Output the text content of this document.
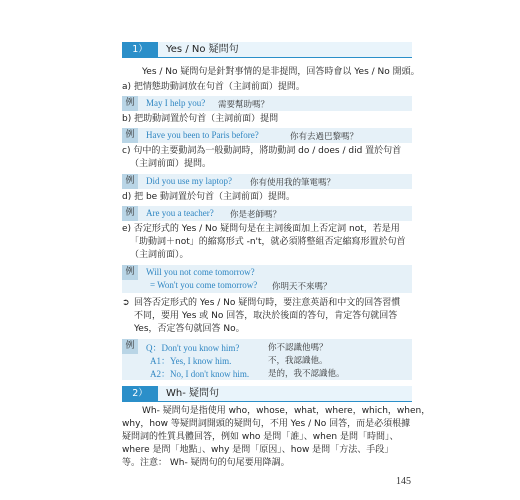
1）	Yes / No 疑問句
Yes / No 疑問句是針對事情的是非提問，回答時會以 Yes / No 開頭。
a) 把情態助動詞放在句首（主詞前面）提問。
例	May I help you? 需要幫助嗎？
b) 把助動詞置於句首（主詞前面）提問
例	Have you been to Paris before?	你有去過巴黎嗎？
c) 句中的主要動詞為一般動詞時，將助動詞 do / does / did 置於句首
（主詞前面）提問。
例	Did you use my laptop? 你有使用我的筆電嗎？
d) 把 be 動詞置於句首（主詞前面）提問。
例	Are you a teacher? 你是老師嗎？
e) 否定形式的 Yes / No 疑問句是在主詞後面加上否定詞 not，若是用
「助動詞＋not」的縮寫形式 -n't，就必須將整組否定縮寫形置於句首
（主詞前面）。
例	Will you not come tomorrow?
= Won't you come tomorrow? 你明天不來嗎？
➲ 回答否定形式的 Yes / No 疑問句時，要注意英語和中文的回答習慣
不同，要用 Yes 或 No 回答，取決於後面的答句，肯定答句就回答
Yes，否定答句就回答 No。
例	Q：Don't you know him?	你不認識他嗎？
A1：Yes, I know him.	不，我認識他。
A2：No, I don't know him. 是的，我不認識他。
2）	Wh- 疑問句
Wh- 疑問句是指使用 who，whose，what，where，which，when，
why，how 等疑問詞開頭的疑問句，不用 Yes / No 回答，而是必須根據
疑問詞的性質具體回答，例如 who 是問「誰」、when 是問「時間」、
where 是問「地點」、why 是問「原因」、how 是問「方法、手段」
等。注意： Wh- 疑問句的句尾要用降調。
145
